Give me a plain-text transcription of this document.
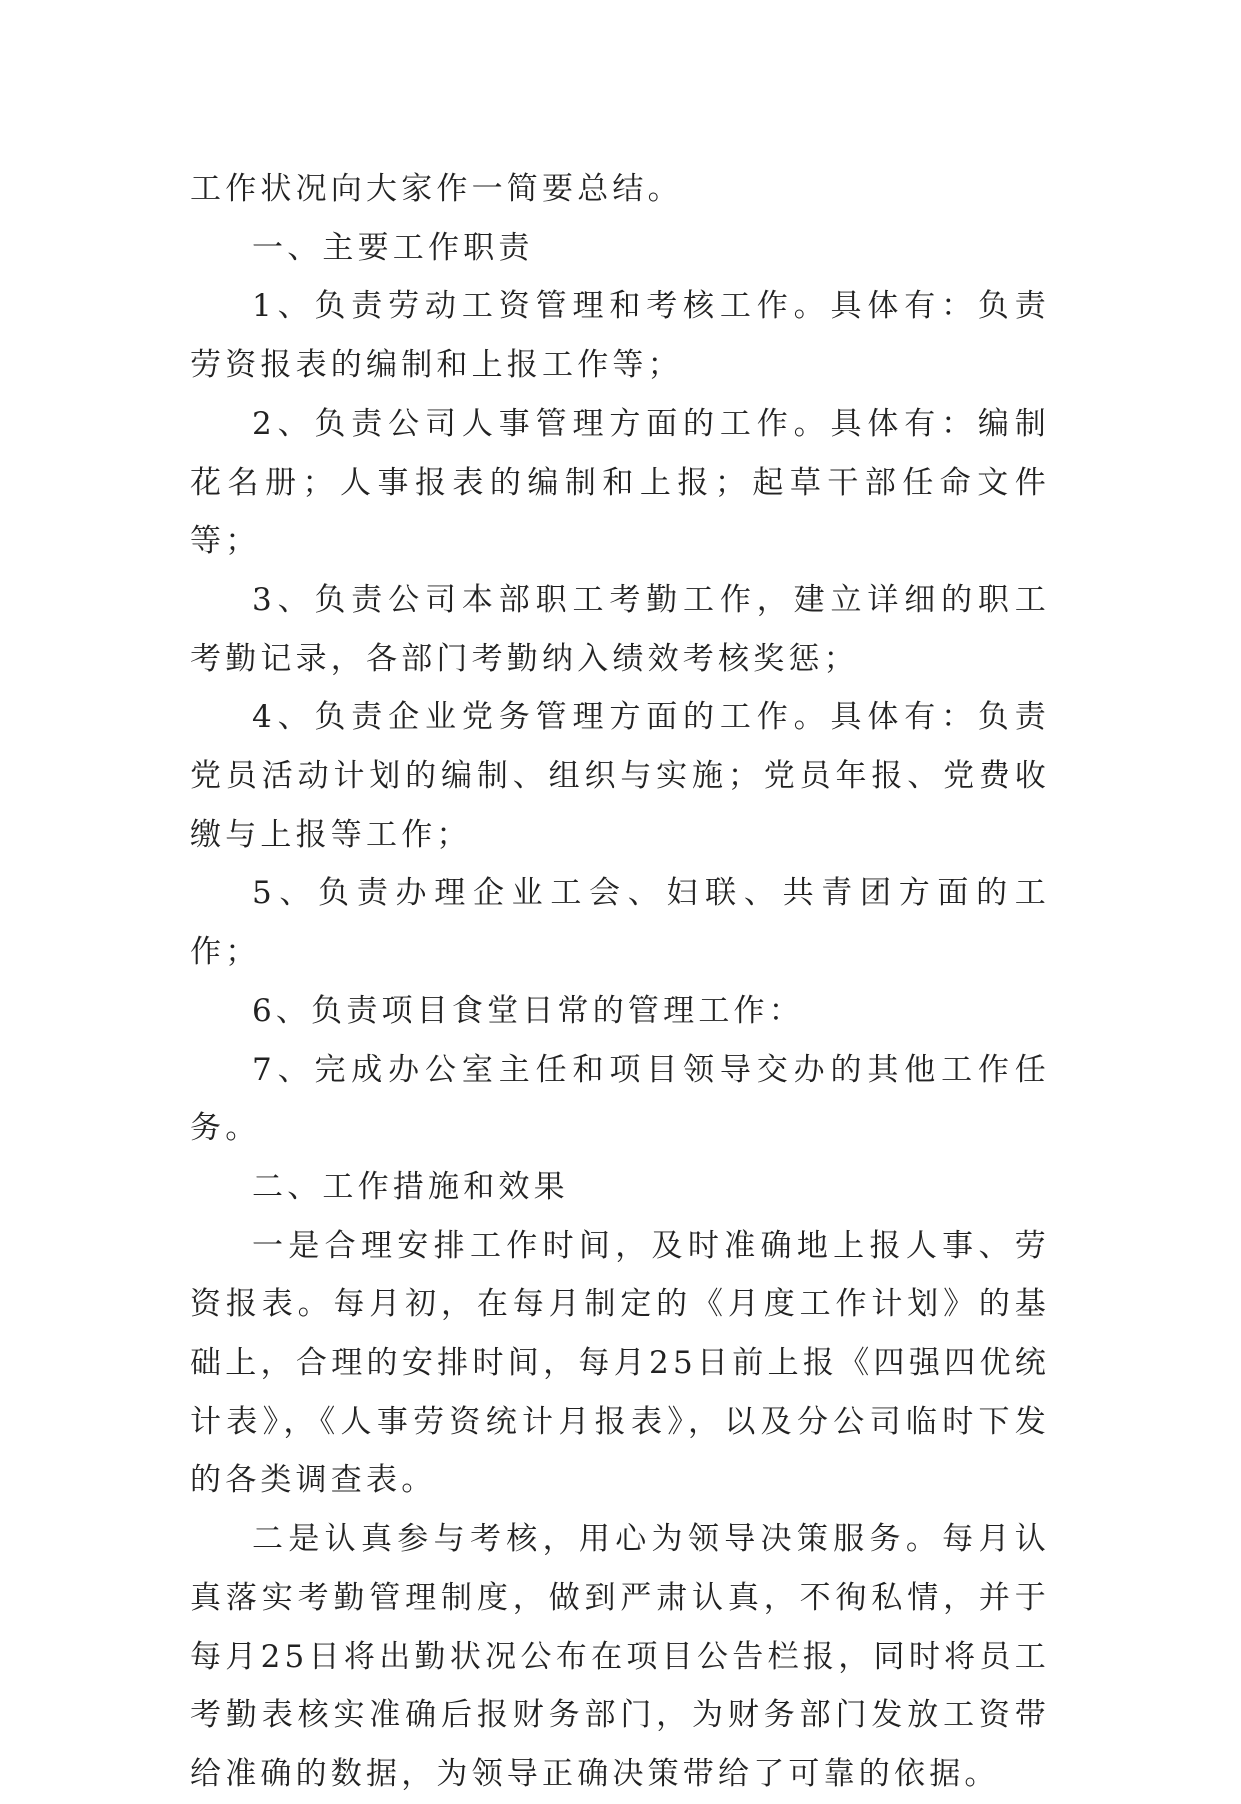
工作状况向大家作一简要总结。

一、主要工作职责

1、负责劳动工资管理和考核工作。具体有：负责劳资报表的编制和上报工作等；

2、负责公司人事管理方面的工作。具体有：编制花名册；人事报表的编制和上报；起草干部任命文件等；

3、负责公司本部职工考勤工作，建立详细的职工考勤记录，各部门考勤纳入绩效考核奖惩；

4、负责企业党务管理方面的工作。具体有：负责党员活动计划的编制、组织与实施；党员年报、党费收缴与上报等工作；

5、负责办理企业工会、妇联、共青团方面的工作；

6、负责项目食堂日常的管理工作：

7、完成办公室主任和项目领导交办的其他工作任务。

二、工作措施和效果

一是合理安排工作时间，及时准确地上报人事、劳资报表。每月初，在每月制定的《月度工作计划》的基础上，合理的安排时间，每月25日前上报《四强四优统计表》，《人事劳资统计月报表》，以及分公司临时下发的各类调查表。

二是认真参与考核，用心为领导决策服务。每月认真落实考勤管理制度，做到严肃认真，不徇私情，并于每月25日将出勤状况公布在项目公告栏报，同时将员工考勤表核实准确后报财务部门，为财务部门发放工资带给准确的数据，为领导正确决策带给了可靠的依据。
